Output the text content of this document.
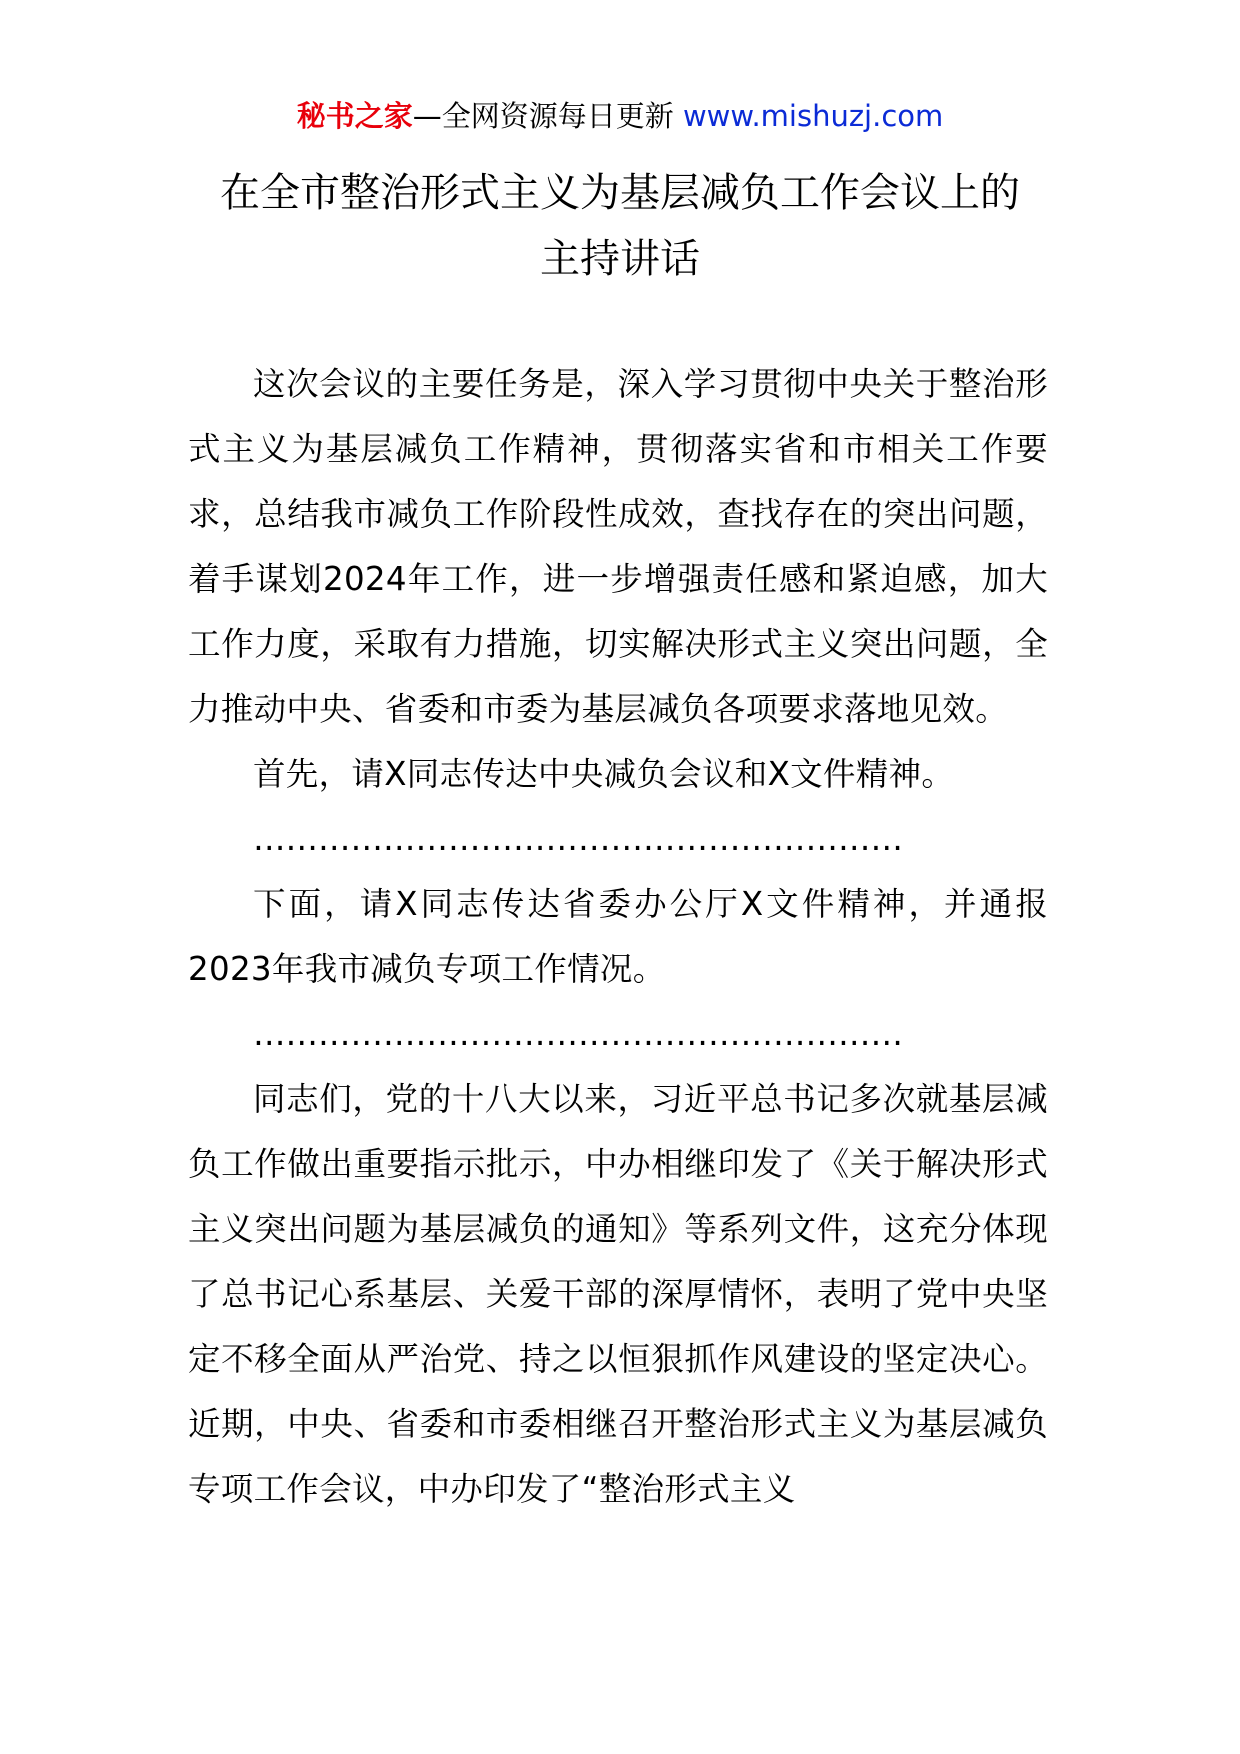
秘书之家—全网资源每日更新 www.mishuzj.com
在全市整治形式主义为基层减负工作会议上的
主持讲话

这次会议的主要任务是，深入学习贯彻中央关于整治形式主义为基层减负工作精神，贯彻落实省和市相关工作要求，总结我市减负工作阶段性成效，查找存在的突出问题，着手谋划2024年工作，进一步增强责任感和紧迫感，加大工作力度，采取有力措施，切实解决形式主义突出问题，全力推动中央、省委和市委为基层减负各项要求落地见效。

首先，请X同志传达中央减负会议和X文件精神。

……………………………………………………

下面，请X同志传达省委办公厅X文件精神，并通报2023年我市减负专项工作情况。

……………………………………………………

同志们，党的十八大以来，习近平总书记多次就基层减负工作做出重要指示批示，中办相继印发了《关于解决形式主义突出问题为基层减负的通知》等系列文件，这充分体现了总书记心系基层、关爱干部的深厚情怀，表明了党中央坚定不移全面从严治党、持之以恒狠抓作风建设的坚定决心。近期，中央、省委和市委相继召开整治形式主义为基层减负专项工作会议，中办印发了“整治形式主义
